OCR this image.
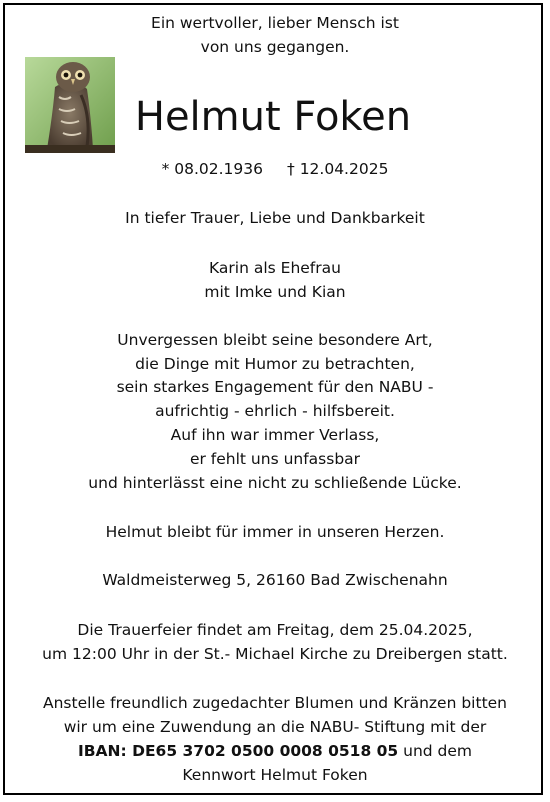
Ein wertvoller, lieber Mensch ist
von uns gegangen.
Helmut Foken
* 08.02.1936 † 12.04.2025
In tiefer Trauer, Liebe und Dankbarkeit
Karin als Ehefrau
mit Imke und Kian
Unvergessen bleibt seine besondere Art,
die Dinge mit Humor zu betrachten,
sein starkes Engagement für den NABU -
aufrichtig - ehrlich - hilfsbereit.
Auf ihn war immer Verlass,
er fehlt uns unfassbar
und hinterlässt eine nicht zu schließende Lücke.
Helmut bleibt für immer in unseren Herzen.
Waldmeisterweg 5, 26160 Bad Zwischenahn
Die Trauerfeier findet am Freitag, dem 25.04.2025,
um 12:00 Uhr in der St.- Michael Kirche zu Dreibergen statt.
Anstelle freundlich zugedachter Blumen und Kränzen bitten
wir um eine Zuwendung an die NABU- Stiftung mit der
IBAN: DE65 3702 0500 0008 0518 05 und dem
Kennwort Helmut Foken
